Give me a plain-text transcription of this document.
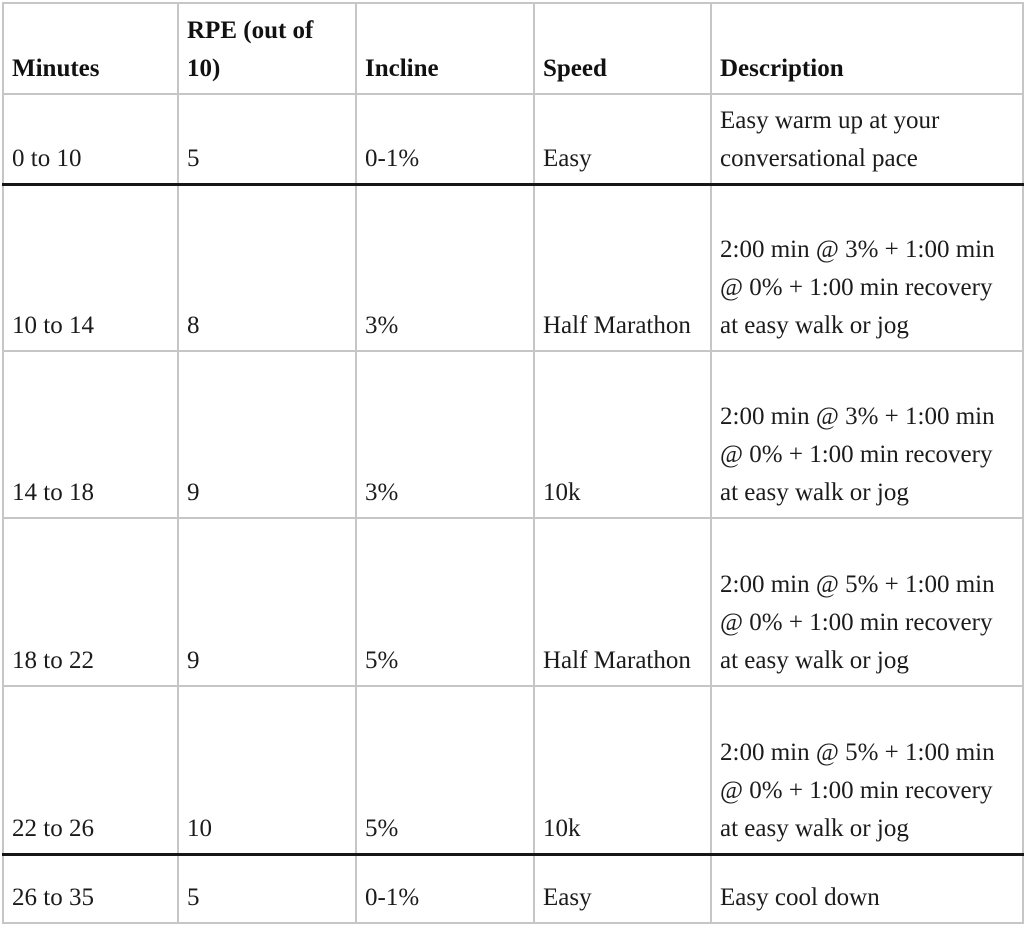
Minutes	RPE (out of 10)	Incline	Speed	Description
0 to 10	5	0-1%	Easy	Easy warm up at your conversational pace
10 to 14	8	3%	Half Marathon	2:00 min @ 3% + 1:00 min @ 0% + 1:00 min recovery at easy walk or jog
14 to 18	9	3%	10k	2:00 min @ 3% + 1:00 min @ 0% + 1:00 min recovery at easy walk or jog
18 to 22	9	5%	Half Marathon	2:00 min @ 5% + 1:00 min @ 0% + 1:00 min recovery at easy walk or jog
22 to 26	10	5%	10k	2:00 min @ 5% + 1:00 min @ 0% + 1:00 min recovery at easy walk or jog
26 to 35	5	0-1%	Easy	Easy cool down
